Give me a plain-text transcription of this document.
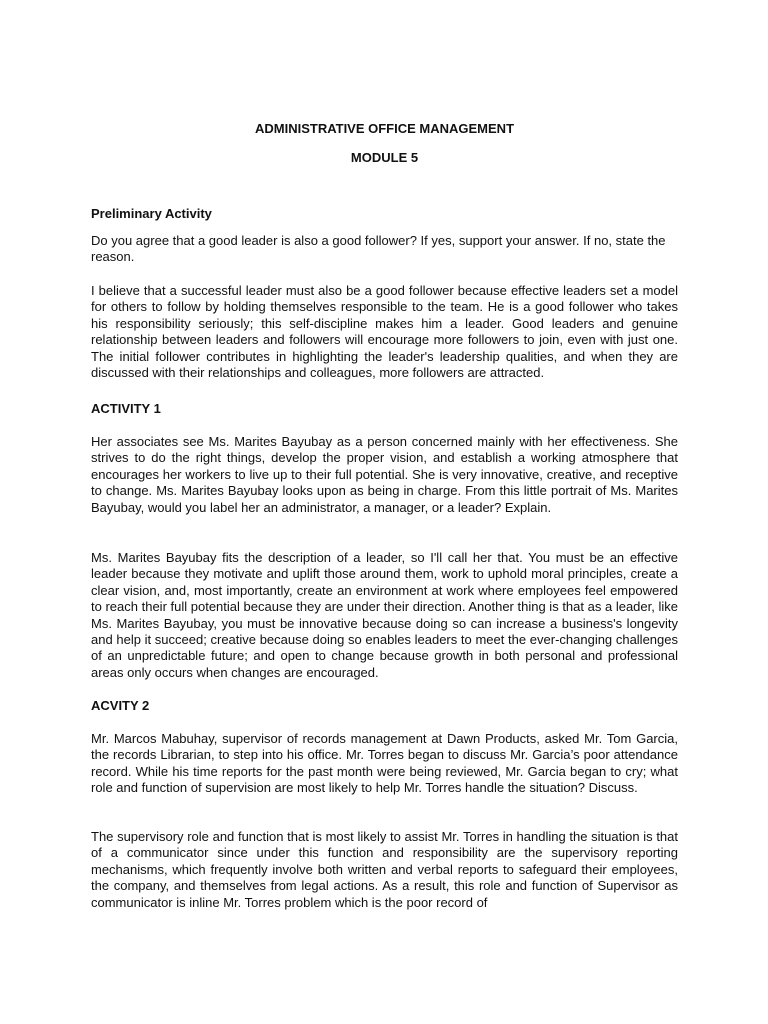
ADMINISTRATIVE OFFICE MANAGEMENT
MODULE 5
Preliminary Activity

Do you agree that a good leader is also a good follower? If yes, support your answer. If no, state the reason.

I believe that a successful leader must also be a good follower because effective leaders set a model for others to follow by holding themselves responsible to the team. He is a good follower who takes his responsibility seriously; this self-discipline makes him a leader. Good leaders and genuine relationship between leaders and followers will encourage more followers to join, even with just one. The initial follower contributes in highlighting the leader's leadership qualities, and when they are discussed with their relationships and colleagues, more followers are attracted.

ACTIVITY 1

Her associates see Ms. Marites Bayubay as a person concerned mainly with her effectiveness. She strives to do the right things, develop the proper vision, and establish a working atmosphere that encourages her workers to live up to their full potential. She is very innovative, creative, and receptive to change. Ms. Marites Bayubay looks upon as being in charge. From this little portrait of Ms. Marites Bayubay, would you label her an administrator, a manager, or a leader? Explain.

Ms. Marites Bayubay fits the description of a leader, so I'll call her that. You must be an effective leader because they motivate and uplift those around them, work to uphold moral principles, create a clear vision, and, most importantly, create an environment at work where employees feel empowered to reach their full potential because they are under their direction. Another thing is that as a leader, like Ms. Marites Bayubay, you must be innovative because doing so can increase a business's longevity and help it succeed; creative because doing so enables leaders to meet the ever-changing challenges of an unpredictable future; and open to change because growth in both personal and professional areas only occurs when changes are encouraged.

ACVITY 2

Mr. Marcos Mabuhay, supervisor of records management at Dawn Products, asked Mr. Tom Garcia, the records Librarian, to step into his office. Mr. Torres began to discuss Mr. Garcia’s poor attendance record. While his time reports for the past month were being reviewed, Mr. Garcia began to cry; what role and function of supervision are most likely to help Mr. Torres handle the situation? Discuss.

The supervisory role and function that is most likely to assist Mr. Torres in handling the situation is that of a communicator since under this function and responsibility are the supervisory reporting mechanisms, which frequently involve both written and verbal reports to safeguard their employees, the company, and themselves from legal actions. As a result, this role and function of Supervisor as communicator is inline Mr. Torres problem which is the poor record of
